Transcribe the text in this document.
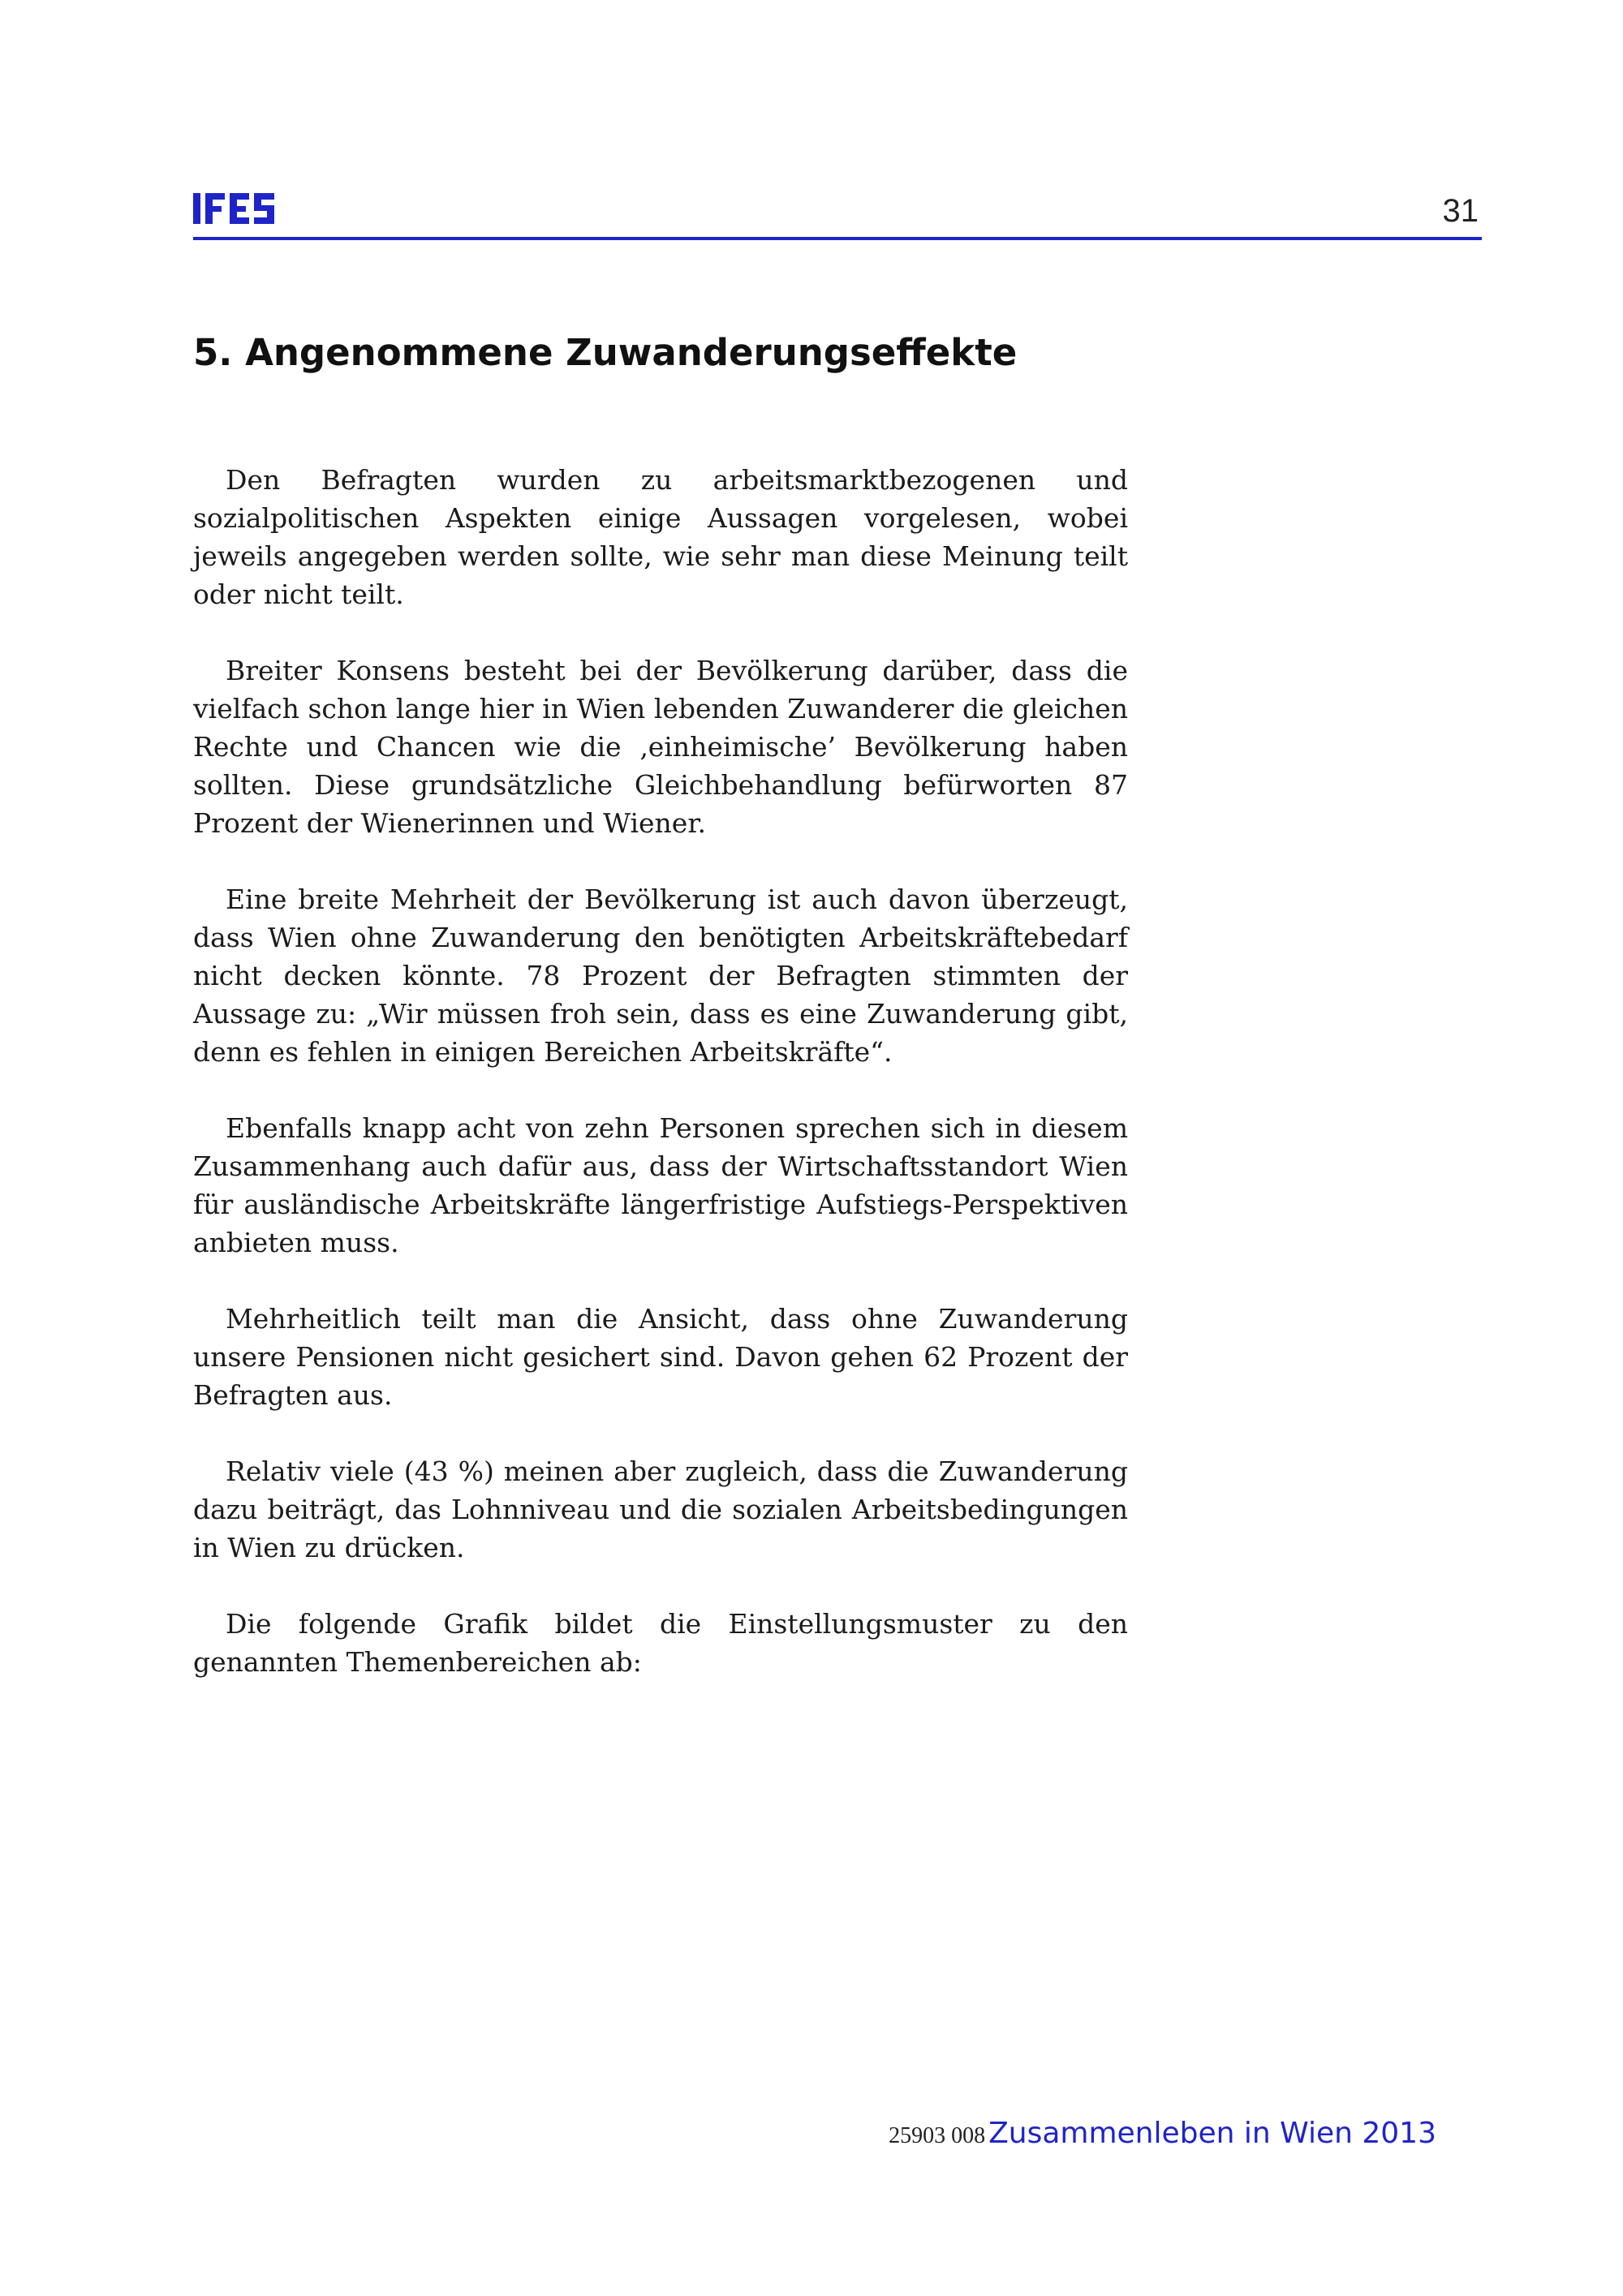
31
5. Angenommene Zuwanderungseffekte

Den Befragten wurden zu arbeitsmarktbezogenen und sozialpolitischen Aspekten einige Aussagen vorgelesen, wobei jeweils angegeben werden sollte, wie sehr man diese Meinung teilt oder nicht teilt.

Breiter Konsens besteht bei der Bevölkerung darüber, dass die vielfach schon lange hier in Wien lebenden Zuwanderer die gleichen Rechte und Chancen wie die ‚einheimische’ Bevölkerung haben sollten. Diese grundsätzliche Gleichbehandlung befürworten 87 Prozent der Wienerinnen und Wiener.

Eine breite Mehrheit der Bevölkerung ist auch davon überzeugt, dass Wien ohne Zuwanderung den benötigten Arbeitskräftebedarf nicht decken könnte. 78 Prozent der Befragten stimmten der Aussage zu: „Wir müssen froh sein, dass es eine Zuwanderung gibt, denn es fehlen in einigen Bereichen Arbeitskräfte“.

Ebenfalls knapp acht von zehn Personen sprechen sich in diesem Zusammenhang auch dafür aus, dass der Wirtschaftsstandort Wien für ausländische Arbeitskräfte längerfristige Aufstiegs-Perspektiven anbieten muss.

Mehrheitlich teilt man die Ansicht, dass ohne Zuwanderung unsere Pensionen nicht gesichert sind. Davon gehen 62 Prozent der Befragten aus.

Relativ viele (43 %) meinen aber zugleich, dass die Zuwanderung dazu beiträgt, das Lohnniveau und die sozialen Arbeitsbedingungen in Wien zu drücken.

Die folgende Grafik bildet die Einstellungsmuster zu den genannten Themenbereichen ab:

25903 008 Zusammenleben in Wien 2013
